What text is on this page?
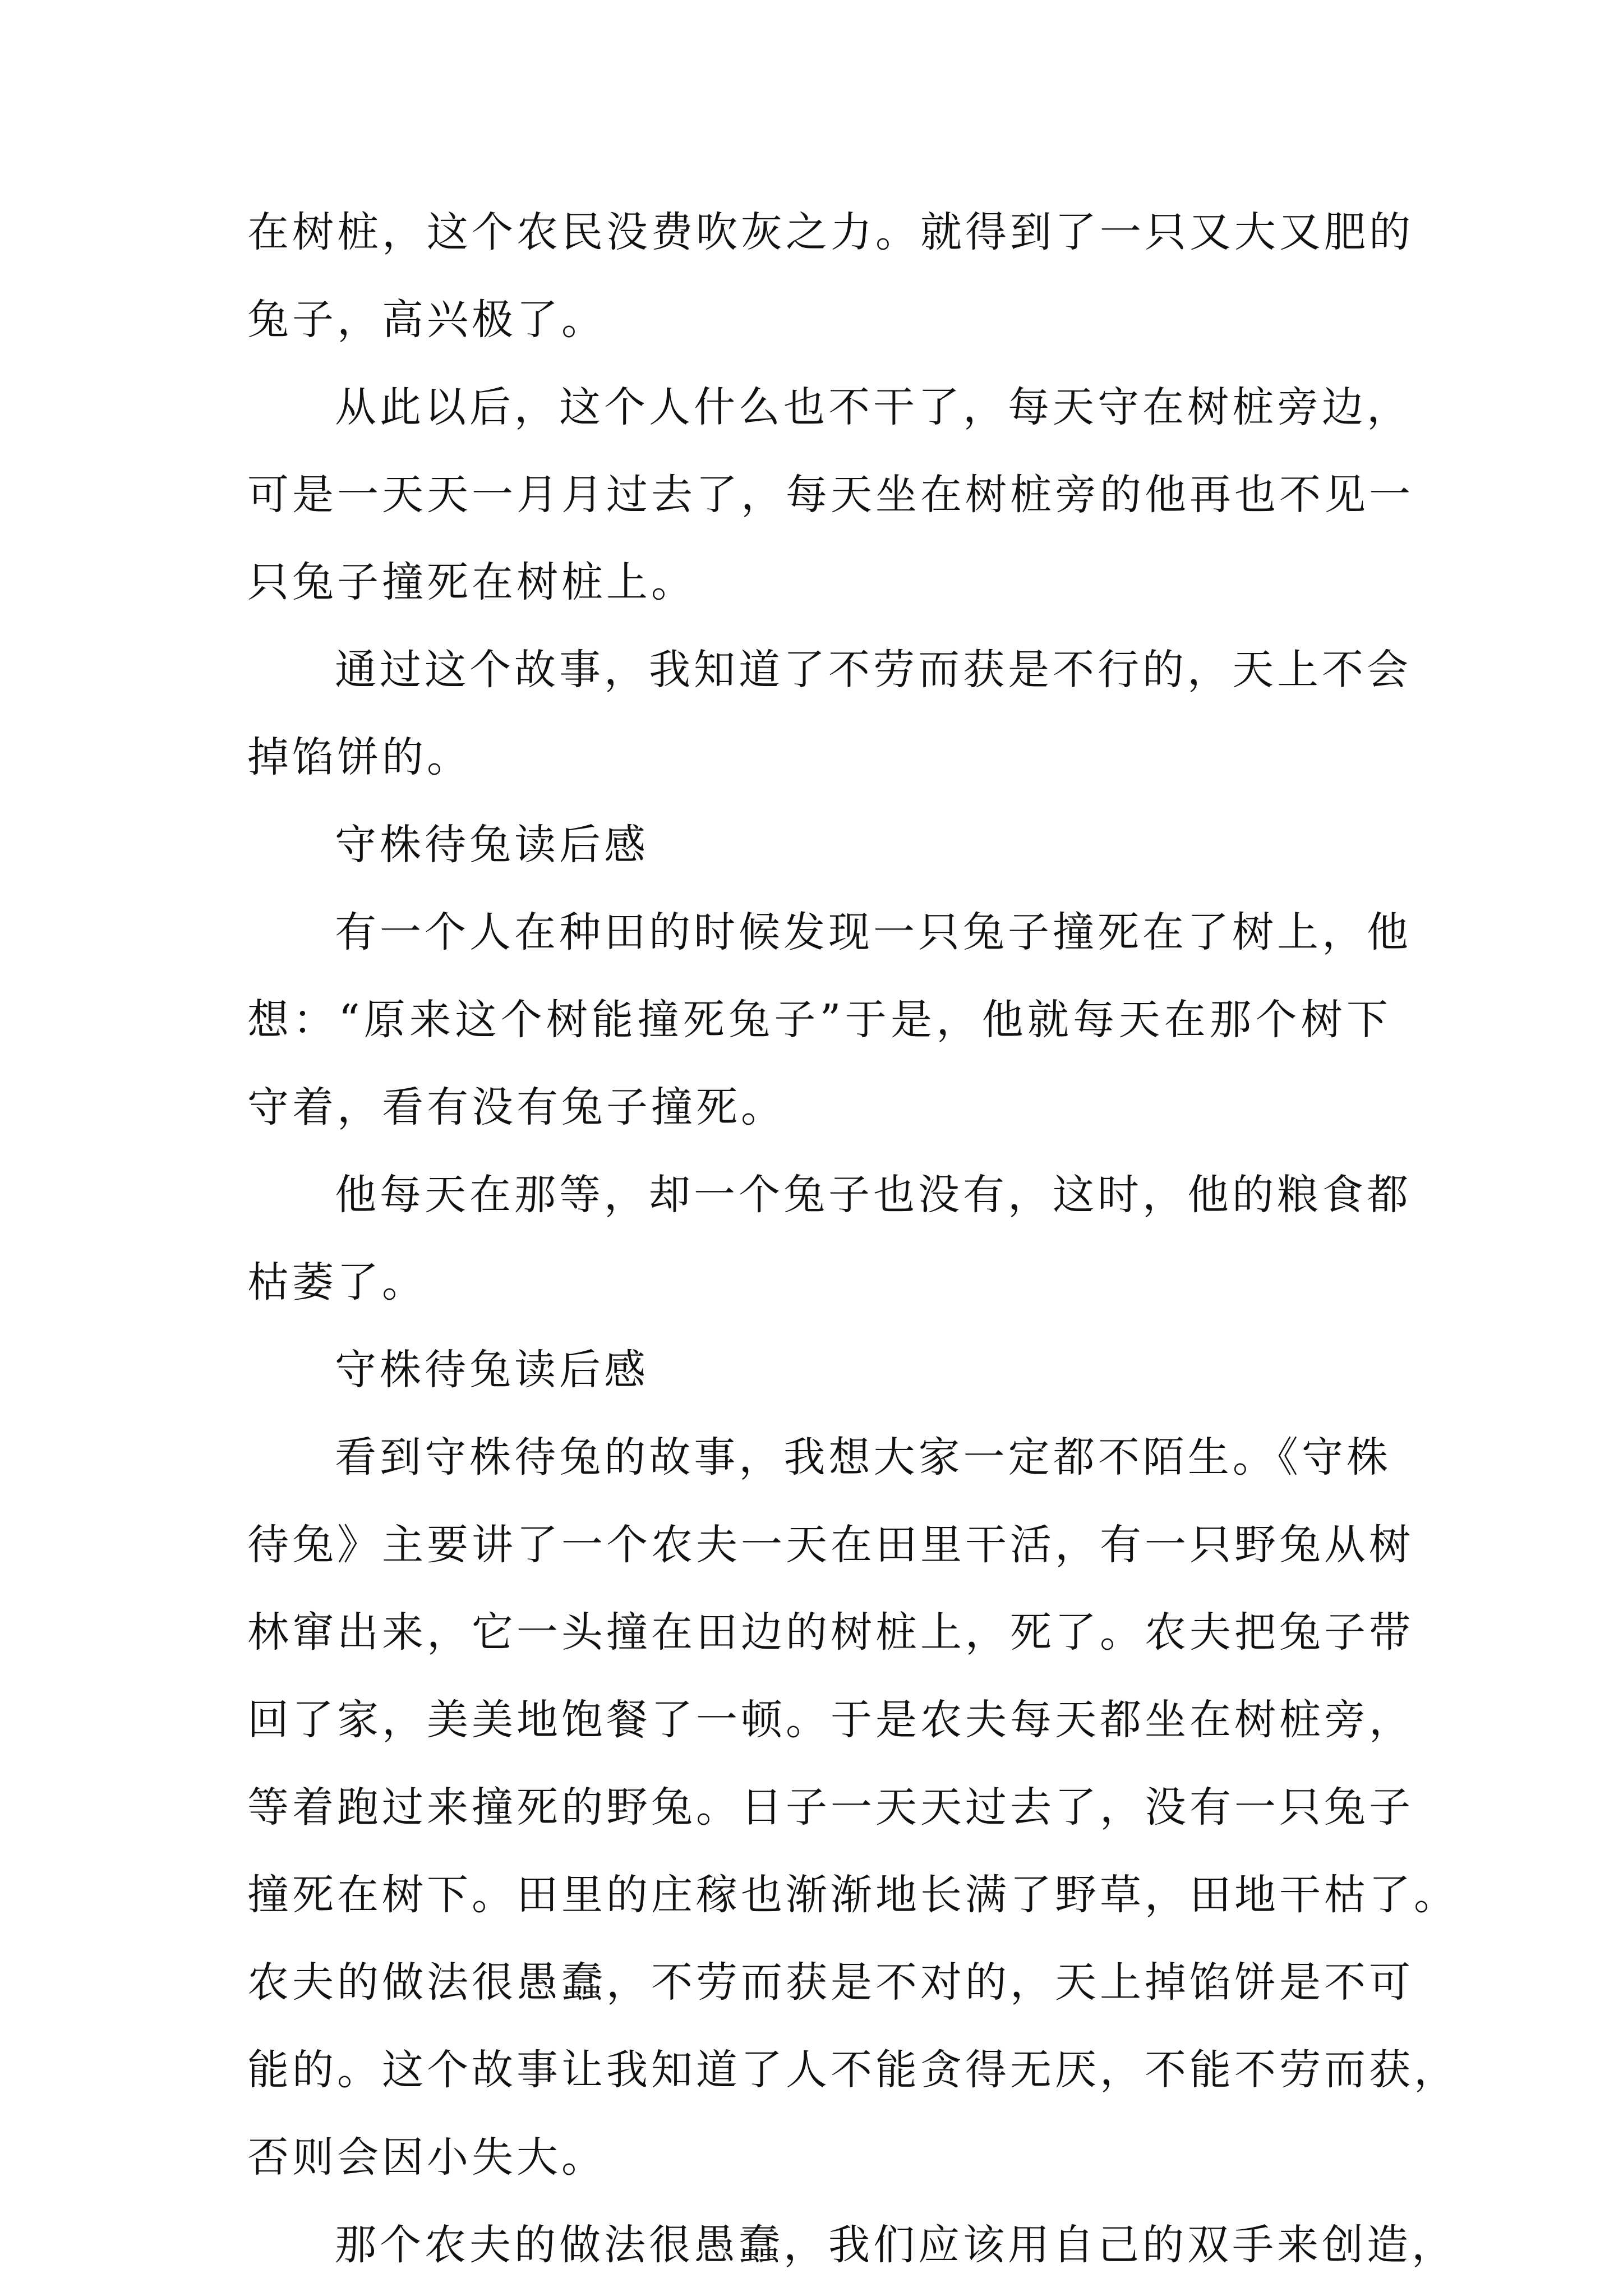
在树桩，这个农民没费吹灰之力。就得到了一只又大又肥的
兔子，高兴极了。
从此以后，这个人什么也不干了，每天守在树桩旁边，
可是一天天一月月过去了，每天坐在树桩旁的他再也不见一
只兔子撞死在树桩上。
通过这个故事，我知道了不劳而获是不行的，天上不会
掉馅饼的。
守株待兔读后感
有一个人在种田的时候发现一只兔子撞死在了树上，他
想：“原来这个树能撞死兔子”于是，他就每天在那个树下
守着，看有没有兔子撞死。
他每天在那等，却一个兔子也没有，这时，他的粮食都
枯萎了。
守株待兔读后感
看到守株待兔的故事，我想大家一定都不陌生。《守株
待兔》主要讲了一个农夫一天在田里干活，有一只野兔从树
林窜出来，它一头撞在田边的树桩上，死了。农夫把兔子带
回了家，美美地饱餐了一顿。于是农夫每天都坐在树桩旁，
等着跑过来撞死的野兔。日子一天天过去了，没有一只兔子
撞死在树下。田里的庄稼也渐渐地长满了野草，田地干枯了。
农夫的做法很愚蠢，不劳而获是不对的，天上掉馅饼是不可
能的。这个故事让我知道了人不能贪得无厌，不能不劳而获，
否则会因小失大。
那个农夫的做法很愚蠢，我们应该用自己的双手来创造，
